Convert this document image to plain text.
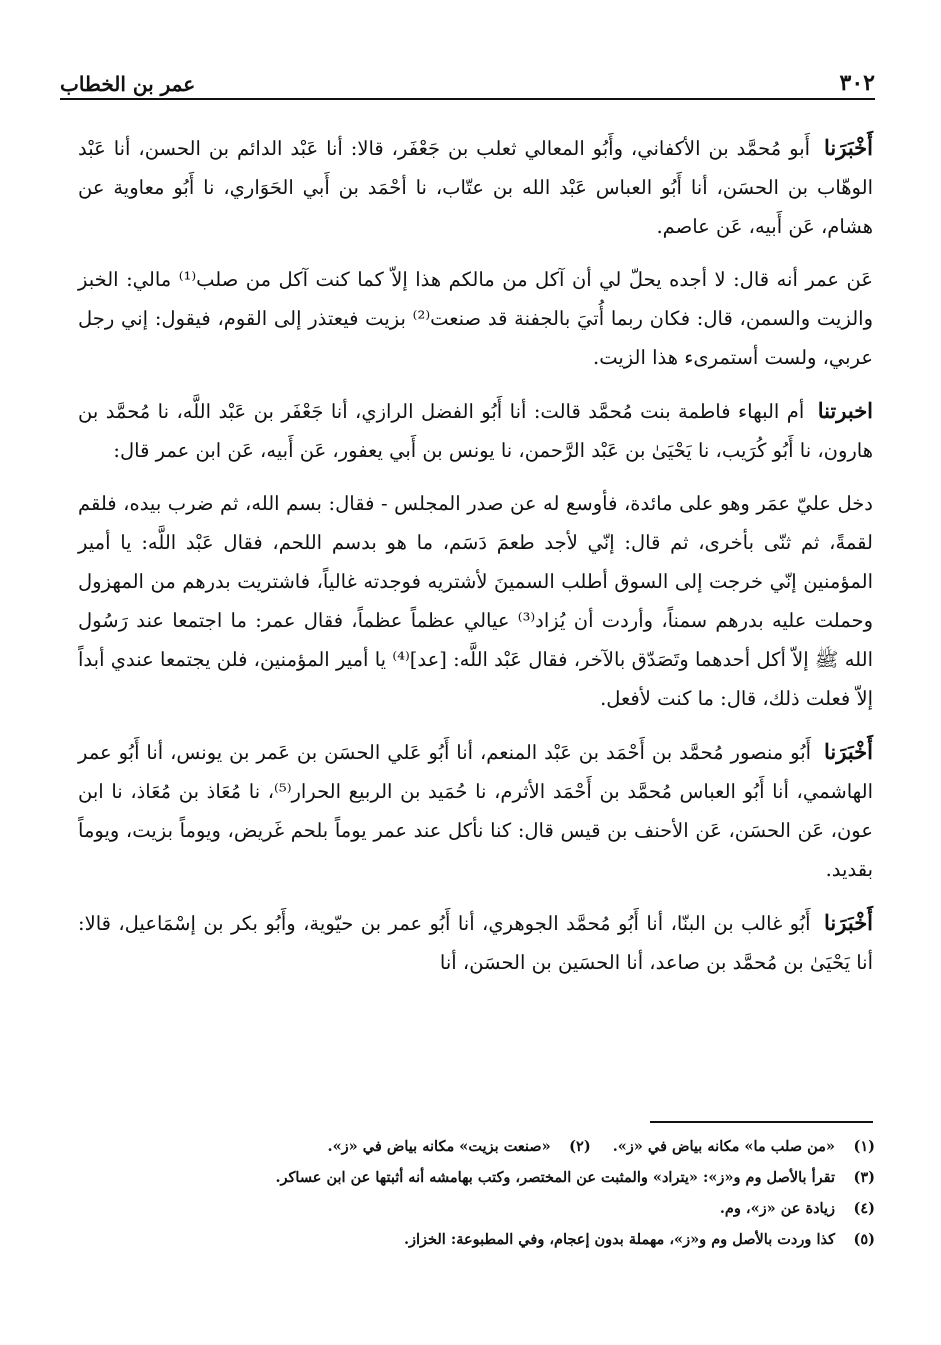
٣٠٢
عمر بن الخطاب

أَخْبَرَنا أَبو مُحمَّد بن الأكفاني، وأَبُو المعالي ثعلب بن جَعْفَر، قالا: أنا عَبْد الدائم بن الحسن، أنا عَبْد الوهّاب بن الحسَن، أنا أَبُو العباس عَبْد الله بن عتّاب، نا أحْمَد بن أَبي الحَوَاري، نا أَبُو معاوية عن هشام، عَن أَبيه، عَن عاصم.

عَن عمر أنه قال: لا أجده يحلّ لي أن آكل من مالكم هذا إلاّ كما كنت آكل من صلب⁽¹⁾ مالي: الخبز والزيت والسمن، قال: فكان ربما أُتيَ بالجفنة قد صنعت⁽²⁾ بزيت فيعتذر إلى القوم، فيقول: إني رجل عربي، ولست أستمرىء هذا الزيت.

اخبرتنا أم البهاء فاطمة بنت مُحمَّد قالت: أنا أَبُو الفضل الرازي، أنا جَعْفَر بن عَبْد اللَّه، نا مُحمَّد بن هارون، نا أَبُو كُرَيب، نا يَحْيَىٰ بن عَبْد الرَّحمن، نا يونس بن أَبي يعفور، عَن أَبيه، عَن ابن عمر قال:

دخل عليّ عمَر وهو على مائدة، فأوسع له عن صدر المجلس - فقال: بسم الله، ثم ضرب بيده، فلقم لقمةً، ثم ثنّى بأخرى، ثم قال: إنّي لأجد طعمَ دَسَم، ما هو بدسم اللحم، فقال عَبْد اللَّه: يا أمير المؤمنين إنّي خرجت إلى السوق أطلب السمينَ لأشتريه فوجدته غالياً، فاشتريت بدرهم من المهزول وحملت عليه بدرهم سمناً، وأردت أن يُزاد⁽³⁾ عيالي عظماً عظماً، فقال عمر: ما اجتمعا عند رَسُول الله ﷺ إلاّ أكل أحدهما وتَصَدّق بالآخر، فقال عَبْد اللَّه: [عد]⁽⁴⁾ يا أمير المؤمنين، فلن يجتمعا عندي أبداً إلاّ فعلت ذلك، قال: ما كنت لأفعل.

أَخْبَرَنا أَبُو منصور مُحمَّد بن أَحْمَد بن عَبْد المنعم، أنا أَبُو عَلي الحسَن بن عَمر بن يونس، أنا أَبُو عمر الهاشمي، أنا أَبُو العباس مُحمَّد بن أَحْمَد الأثرم، نا حُمَيد بن الربيع الحرار⁽⁵⁾، نا مُعَاذ بن مُعَاذ، نا ابن عون، عَن الحسَن، عَن الأحنف بن قيس قال: كنا نأكل عند عمر يوماً بلحم غَريض، ويوماً بزيت، ويوماً بقديد.

أَخْبَرَنا أَبُو غالب بن البنّا، أنا أَبُو مُحمَّد الجوهري، أنا أَبُو عمر بن حيّوية، وأَبُو بكر بن إسْمَاعيل، قالا: أنا يَحْيَىٰ بن مُحمَّد بن صاعد، أنا الحسَين بن الحسَن، أنا

(١)
«من صلب ما» مكانه بياض في «ز».
(٢)
«صنعت بزيت» مكانه بياض في «ز».
(٣)
تقرأ بالأصل وم و«ز»: «يتراد» والمثبت عن المختصر، وكتب بهامشه أنه أثبتها عن ابن عساكر.
(٤)
زيادة عن «ز»، وم.
(٥)
كذا وردت بالأصل وم و«ز»، مهملة بدون إعجام، وفي المطبوعة: الخزاز.
